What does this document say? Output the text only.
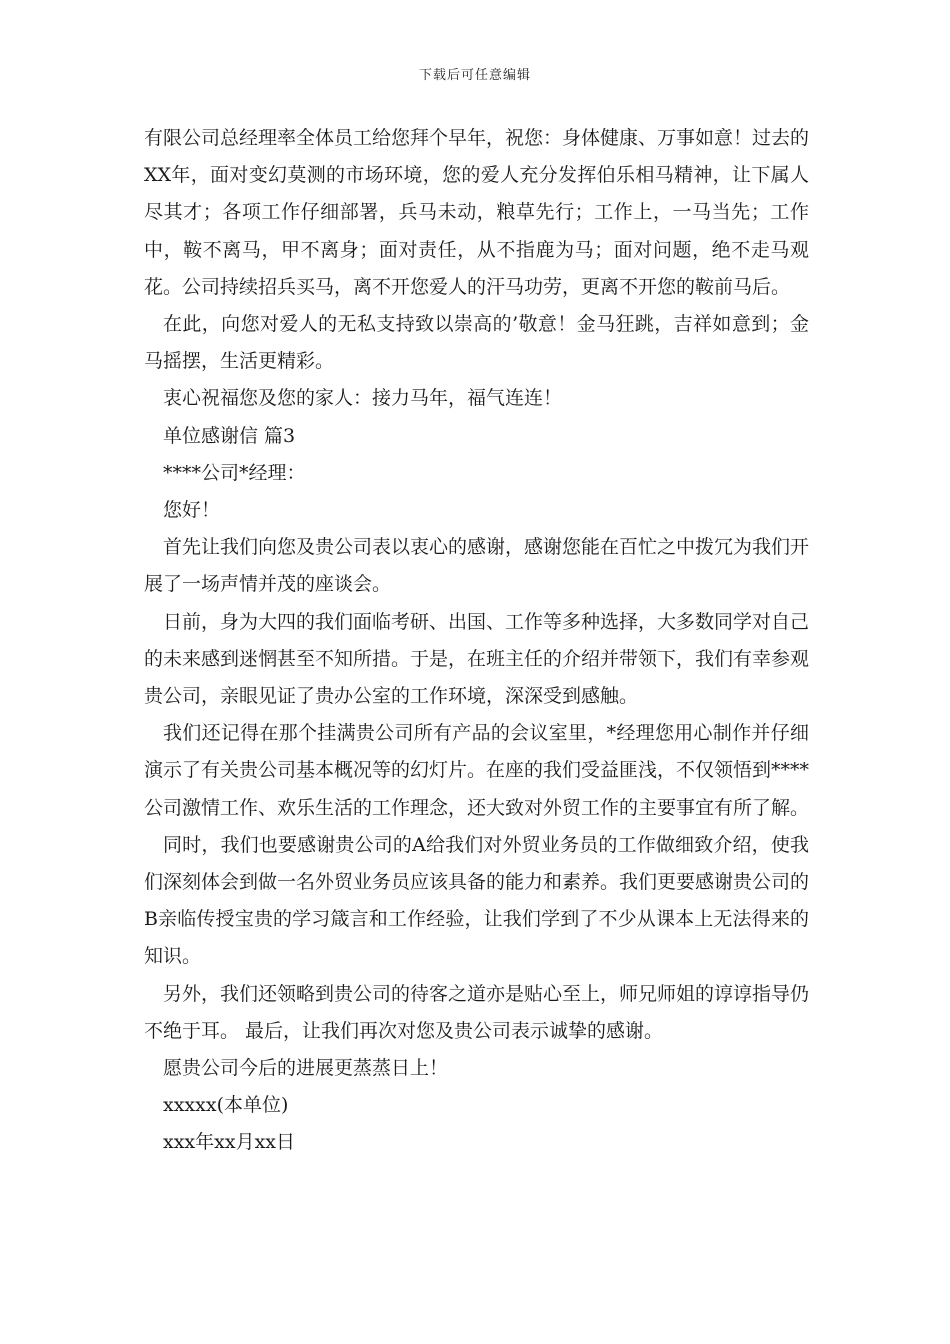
下载后可任意编辑

有限公司总经理率全体员工给您拜个早年，祝您：身体健康、万事如意！过去的XX年，面对变幻莫测的市场环境，您的爱人充分发挥伯乐相马精神，让下属人尽其才；各项工作仔细部署，兵马未动，粮草先行；工作上，一马当先；工作中，鞍不离马，甲不离身；面对责任，从不指鹿为马；面对问题，绝不走马观花。公司持续招兵买马，离不开您爱人的汗马功劳，更离不开您的鞍前马后。

在此，向您对爱人的无私支持致以崇高的’敬意！金马狂跳，吉祥如意到；金马摇摆，生活更精彩。

衷心祝福您及您的家人：接力马年，福气连连！

单位感谢信 篇3

****公司*经理：

您好！

首先让我们向您及贵公司表以衷心的感谢，感谢您能在百忙之中拨冗为我们开展了一场声情并茂的座谈会。

日前，身为大四的我们面临考研、出国、工作等多种选择，大多数同学对自己的未来感到迷惘甚至不知所措。于是，在班主任的介绍并带领下，我们有幸参观贵公司，亲眼见证了贵办公室的工作环境，深深受到感触。

我们还记得在那个挂满贵公司所有产品的会议室里，*经理您用心制作并仔细演示了有关贵公司基本概况等的幻灯片。在座的我们受益匪浅，不仅领悟到****公司激情工作、欢乐生活的工作理念，还大致对外贸工作的主要事宜有所了解。

同时，我们也要感谢贵公司的A给我们对外贸业务员的工作做细致介绍，使我们深刻体会到做一名外贸业务员应该具备的能力和素养。我们更要感谢贵公司的B亲临传授宝贵的学习箴言和工作经验，让我们学到了不少从课本上无法得来的知识。

另外，我们还领略到贵公司的待客之道亦是贴心至上，师兄师姐的谆谆指导仍不绝于耳。 最后，让我们再次对您及贵公司表示诚挚的感谢。

愿贵公司今后的进展更蒸蒸日上！

xxxxx(本单位)

xxx年xx月xx日
